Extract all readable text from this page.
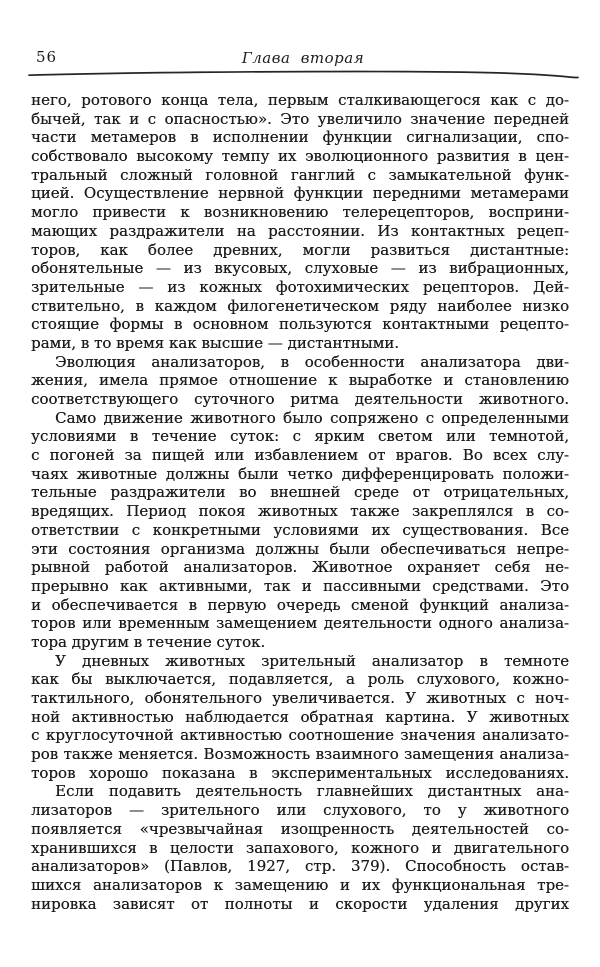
56	Глава вторая
него, ротового конца тела, первым сталкивающегося как с до-
бычей, так и с опасностью». Это увеличило значение передней
части метамеров в исполнении функции сигнализации, спо-
собствовало высокому темпу их эволюционного развития в цен-
тральный сложный головной ганглий с замыкательной функ-
цией. Осуществление нервной функции передними метамерами
могло привести к возникновению телерецепторов, восприни-
мающих раздражители на расстоянии. Из контактных рецеп-
торов, как более древних, могли развиться дистантные:
обонятельные — из вкусовых, слуховые — из вибрационных,
зрительные — из кожных фотохимических рецепторов. Дей-
ствительно, в каждом филогенетическом ряду наиболее низко
стоящие формы в основном пользуются контактными рецепто-
рами, в то время как высшие — дистантными.
Эволюция анализаторов, в особенности анализатора дви-
жения, имела прямое отношение к выработке и становлению
соответствующего суточного ритма деятельности животного.
Само движение животного было сопряжено с определенными
условиями в течение суток: с ярким светом или темнотой,
с погоней за пищей или избавлением от врагов. Во всех слу-
чаях животные должны были четко дифференцировать положи-
тельные раздражители во внешней среде от отрицательных,
вредящих. Период покоя животных также закреплялся в со-
ответствии с конкретными условиями их существования. Все
эти состояния организма должны были обеспечиваться непре-
рывной работой анализаторов. Животное охраняет себя не-
прерывно как активными, так и пассивными средствами. Это
и обеспечивается в первую очередь сменой функций анализа-
торов или временным замещением деятельности одного анализа-
тора другим в течение суток.
У дневных животных зрительный анализатор в темноте
как бы выключается, подавляется, а роль слухового, кожно-
тактильного, обонятельного увеличивается. У животных с ноч-
ной активностью наблюдается обратная картина. У животных
с круглосуточной активностью соотношение значения анализато-
ров также меняется. Возможность взаимного замещения анализа-
торов хорошо показана в экспериментальных исследованиях.
Если подавить деятельность главнейших дистантных ана-
лизаторов — зрительного или слухового, то у животного
появляется «чрезвычайная изощренность деятельностей со-
хранившихся в целости запахового, кожного и двигательного
анализаторов» (Павлов, 1927, стр. 379). Способность остав-
шихся анализаторов к замещению и их функциональная тре-
нировка зависят от полноты и скорости удаления других
